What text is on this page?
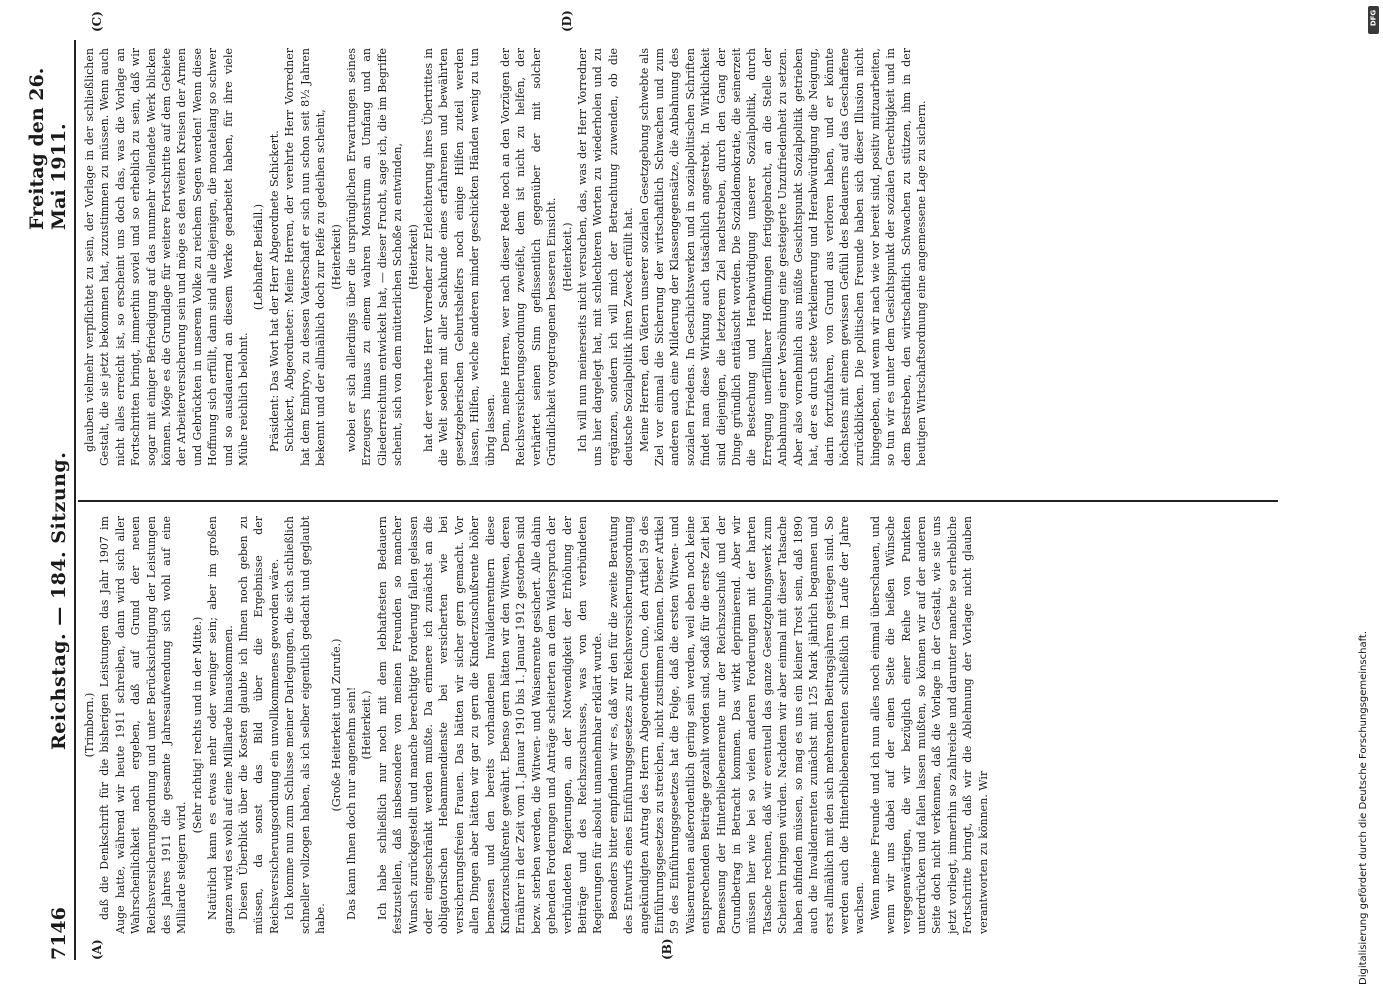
7146
Reichstag. — 184. Sitzung.
Freitag den 26. Mai 1911.
(A)	(B)
(C)	(D)

(Trimborn.) daß die Denkschrift für die bisherigen Leistungen das Jahr 1907 im Auge hatte, während wir heute 1911 schreiben, dann wird sich aller Wahrscheinlichkeit nach ergeben, daß auf Grund der neuen Reichsversicherungsordnung und unter Berücksichtigung der Leistungen des Jahres 1911 die gesamte Jahresaufwendung sich wohl auf eine Milliarde steigern wird.

(Sehr richtig! rechts und in der Mitte.) Natürlich kann es etwas mehr oder weniger sein; aber im großen ganzen wird es wohl auf eine Milliarde hinauskommen. Diesen Überblick über die Kosten glaubte ich Ihnen noch geben zu müssen, da sonst das Bild über die Ergebnisse der Reichsversicherungsordnung ein unvollkommenes geworden wäre. Ich komme nun zum Schlusse meiner Darlegungen, die sich schließlich schneller vollzogen haben, als ich selber eigentlich gedacht und geglaubt habe.

(Große Heiterkeit und Zurufe.) Das kann Ihnen doch nur angenehm sein! (Heiterkeit.) Ich habe schließlich nur noch mit dem lebhaftesten Bedauern festzustellen, daß insbesondere von meinen Freunden so mancher Wunsch zurückgestellt und manche berechtigte Forderung fallen gelassen oder eingeschränkt werden mußte. Da erinnere ich zunächst an die obligatorischen Hebammendienste bei versicherten wie bei versicherungsfreien Frauen. Das hätten wir sicher gern gemacht. Vor allen Dingen aber hätten wir gar zu gern die Kinderzuschußrente höher bemessen und den bereits vorhandenen Invalidenrentnern diese Kinderzuschußrente gewährt. Ebenso gern hätten wir den Witwen, deren Ernährer in der Zeit vom 1. Januar 1910 bis 1. Januar 1912 gestorben sind bezw. sterben werden, die Witwen- und Waisenrente gesichert. Alle dahin gehenden Forderungen und Anträge scheiterten an dem Widerspruch der verbündeten Regierungen, an der Notwendigkeit der Erhöhung der Beiträge und des Reichszuschusses, was von den verbündeten Regierungen für absolut unannehmbar erklärt wurde. Besonders bitter empfinden wir es, daß wir den für die zweite Beratung des Entwurfs eines Einführungsgesetzes zur Reichsversicherungsordnung angekündigten Antrag des Herrn Abgeordneten Cuno, den Artikel 59 des Einführungsgesetzes zu streichen, nicht zustimmen können. Dieser Artikel 59 des Einführungsgesetzes hat die Folge, daß die ersten Witwen- und Waisenrenten außerordentlich gering sein werden, weil eben noch keine entsprechenden Beiträge gezahlt worden sind, sodaß für die erste Zeit bei Bemessung der Hinterbliebenenrente nur der Reichszuschuß und der Grundbetrag in Betracht kommen. Das wirkt deprimierend. Aber wir müssen hier wie bei so vielen anderen Forderungen mit der harten Tatsache rechnen, daß wir eventuell das ganze Gesetzgebungswerk zum Scheitern bringen würden. Nachdem wir aber einmal mit dieser Tatsache haben abfinden müssen, so mag es uns ein kleiner Trost sein, daß 1890 auch die Invalidenrenten zunächst mit 125 Mark jährlich begannen und erst allmählich mit den sich mehrenden Beitragsjahren gestiegen sind. So werden auch die Hinterbliebenenrenten schließlich im Laufe der Jahre wachsen. Wenn meine Freunde und ich nun alles noch einmal überschauen, und wenn wir uns dabei auf der einen Seite die heißen Wünsche vergegenwärtigen, die wir bezüglich einer Reihe von Punkten unterdrücken und fallen lassen mußten, so können wir auf der anderen Seite doch nicht verkennen, daß die Vorlage in der Gestalt, wie sie uns jetzt vorliegt, immerhin so zahlreiche und darunter manche so erhebliche Fortschritte bringt, daß wir die Ablehnung der Vorlage nicht glauben verantworten zu können. Wir

glauben vielmehr verpflichtet zu sein, der Vorlage in der schließlichen Gestalt, die sie jetzt bekommen hat, zuzustimmen zu müssen. Wenn auch nicht alles erreicht ist, so erscheint uns doch das, was die Vorlage an Fortschritten bringt, immerhin soviel und so erheblich zu sein, daß wir sogar mit einiger Befriedigung auf das nunmehr vollendete Werk blicken können. Möge es die Grundlage für weitere Fortschritte auf dem Gebiete der Arbeiterversicherung sein und möge es den weiten Kreisen der Armen und Gebrückten in unserem Volke zu reichem Segen werden! Wenn diese Hoffnung sich erfüllt, dann sind alle diejenigen, die monatelang so schwer und so ausdauernd an diesem Werke gearbeitet haben, für ihre viele Mühe reichlich belohnt.

(Lebhafter Beifall.) Präsident: Das Wort hat der Herr Abgeordnete Schickert. Schickert, Abgeordneter: Meine Herren, der verehrte Herr Vorredner hat dem Embryo, zu dessen Vaterschaft er sich nun schon seit 8½ Jahren bekennt und der allmählich doch zur Reife zu gedeihen scheint, (Heiterkeit) wobei er sich allerdings über die ursprünglichen Erwartungen seines Erzeugers hinaus zu einem wahren Monstrum an Umfang und an Gliederreichtum entwickelt hat, — dieser Frucht, sage ich, die im Begriffe scheint, sich von dem mütterlichen Schoße zu entwinden, (Heiterkeit) hat der verehrte Herr Vorredner zur Erleichterung ihres Übertrittes in die Welt soeben mit aller Sachkunde eines erfahrenen und bewährten gesetzgeberischen Geburtshelfers noch einige Hilfen zuteil werden lassen, Hilfen, welche anderen minder geschickten Händen wenig zu tun übrig lassen. Denn, meine Herren, wer nach dieser Rede noch an den Vorzügen der Reichsversicherungsordnung zweifelt, dem ist nicht zu helfen, der verhärtet seinen Sinn geflissentlich gegenüber der mit solcher Gründlichkeit vorgetragenen besseren Einsicht. (Heiterkeit.) Ich will nun meinerseits nicht versuchen, das, was der Herr Vorredner uns hier dargelegt hat, mit schlechteren Worten zu wiederholen und zu ergänzen, sondern ich will mich der Betrachtung zuwenden, ob die deutsche Sozialpolitik ihren Zweck erfüllt hat. Meine Herren, den Vätern unserer sozialen Gesetzgebung schwebte als Ziel vor einmal die Sicherung der wirtschaftlich Schwachen und zum anderen auch eine Milderung der Klassengegensätze, die Anbahnung des sozialen Friedens. In Geschichtswerken und in sozialpolitischen Schriften findet man diese Wirkung auch tatsächlich angestrebt. In Wirklichkeit sind diejenigen, die letzterem Ziel nachstreben, durch den Gang der Dinge gründlich enttäuscht worden. Die Sozialdemokratie, die seinerzeit die Bestechung und Herabwürdigung unserer Sozialpolitik, durch Erregung unerfüllbarer Hoffnungen fertiggebracht, an die Stelle der Anbahnung einer Versöhnung eine gesteigerte Unzufriedenheit zu setzen. Aber also vornehmlich aus müßte Gesichtspunkt Sozialpolitik getrieben hat, der es durch stete Verkleinerung und Herabwürdigung die Neigung, darin fortzufahren, von Grund aus verloren haben, und er könnte höchstens mit einem gewissen Gefühl des Bedauerns auf das Geschaffene zurückblicken. Die politischen Freunde haben sich dieser Illusion nicht hingegeben, und wenn wir nach wie vor bereit sind, positiv mitzuarbeiten, so tun wir es unter dem Gesichtspunkt der sozialen Gerechtigkeit und in dem Bestreben, den wirtschaftlich Schwachen zu stützen, ihm in der heutigen Wirtschaftsordnung eine angemessene Lage zu sichern.

DFG
Digitalisierung gefördert durch die Deutsche Forschungsgemeinschaft.
